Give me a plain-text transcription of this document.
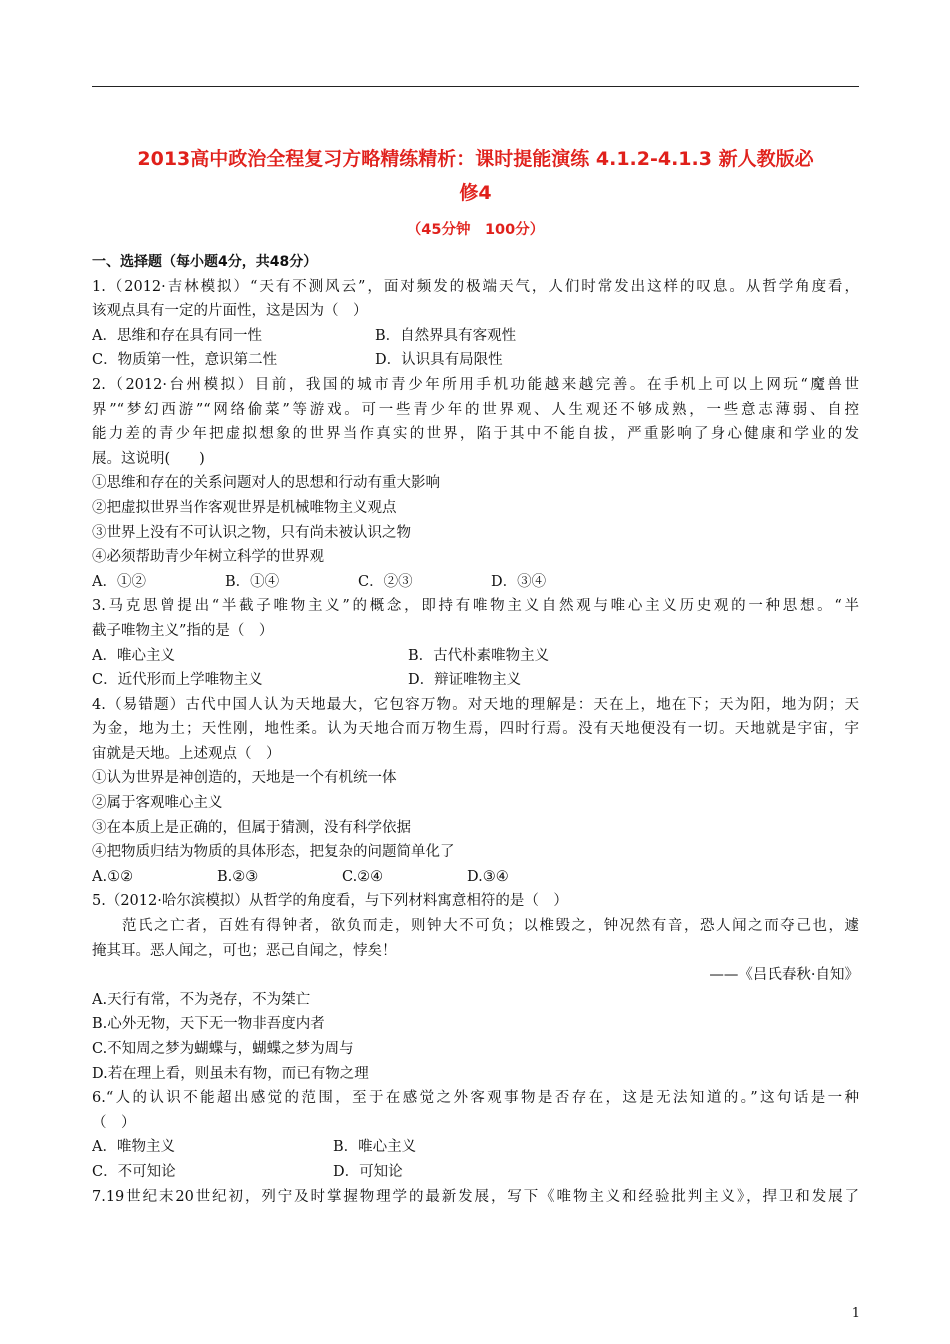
2013高中政治全程复习方略精练精析：课时提能演练 4.1.2-4.1.3 新人教版必
修4
（45分钟　100分）
一、选择题（每小题4分，共48分）
1.（2012·吉林模拟）“天有不测风云”，面对频发的极端天气，人们时常发出这样的叹息。从哲学角度看，
该观点具有一定的片面性，这是因为（　）
A．思维和存在具有同一性	B．自然界具有客观性
C．物质第一性，意识第二性	D．认识具有局限性
2.（2012·台州模拟）目前，我国的城市青少年所用手机功能越来越完善。在手机上可以上网玩“魔兽世
界”“梦幻西游”“网络偷菜”等游戏。可一些青少年的世界观、人生观还不够成熟，一些意志薄弱、自控
能力差的青少年把虚拟想象的世界当作真实的世界，陷于其中不能自拔，严重影响了身心健康和学业的发
展。这说明(　　)
①思维和存在的关系问题对人的思想和行动有重大影响
②把虚拟世界当作客观世界是机械唯物主义观点
③世界上没有不可认识之物，只有尚未被认识之物
④必须帮助青少年树立科学的世界观
A．①②	B．①④	C．②③	D．③④
3.马克思曾提出“半截子唯物主义”的概念，即持有唯物主义自然观与唯心主义历史观的一种思想。“半
截子唯物主义”指的是（　）
A．唯心主义	B．古代朴素唯物主义
C．近代形而上学唯物主义	D．辩证唯物主义
4.（易错题）古代中国人认为天地最大，它包容万物。对天地的理解是：天在上，地在下；天为阳，地为阴；天
为金，地为土；天性刚，地性柔。认为天地合而万物生焉，四时行焉。没有天地便没有一切。天地就是宇宙，宇
宙就是天地。上述观点（　）
①认为世界是神创造的，天地是一个有机统一体
②属于客观唯心主义
③在本质上是正确的，但属于猜测，没有科学依据
④把物质归结为物质的具体形态，把复杂的问题简单化了
A.①②	B.②③	C.②④	D.③④
5.（2012·哈尔滨模拟）从哲学的角度看，与下列材料寓意相符的是（　）
范氏之亡者，百姓有得钟者，欲负而走，则钟大不可负；以椎毁之，钟况然有音，恐人闻之而夺己也，遽
掩其耳。恶人闻之，可也；恶己自闻之，悖矣！
——《吕氏春秋·自知》
A.天行有常，不为尧存，不为桀亡
B.心外无物，天下无一物非吾度内者
C.不知周之梦为蝴蝶与，蝴蝶之梦为周与
D.若在理上看，则虽未有物，而已有物之理
6.“人的认识不能超出感觉的范围，至于在感觉之外客观事物是否存在，这是无法知道的。”这句话是一种
（　）
A．唯物主义	B．唯心主义
C．不可知论	D．可知论
7.19世纪末20世纪初，列宁及时掌握物理学的最新发展，写下《唯物主义和经验批判主义》，捍卫和发展了
1
